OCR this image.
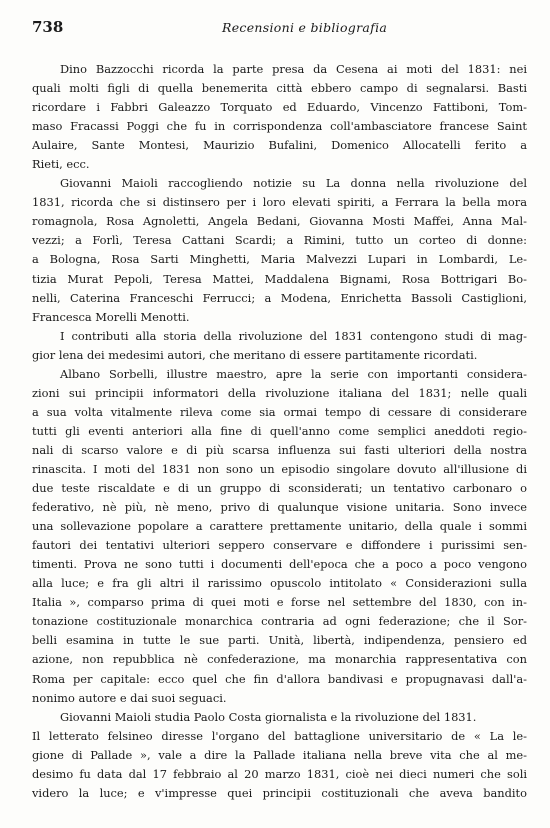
738	Recensioni e bibliografia
Dino Bazzocchi ricorda la parte presa da Cesena ai moti del 1831: nei
quali molti figli di quella benemerita città ebbero campo di segnalarsi. Basti
ricordare i Fabbri Galeazzo Torquato ed Eduardo, Vincenzo Fattiboni, Tom-
maso Fracassi Poggi che fu in corrispondenza coll'ambasciatore francese Saint
Aulaire, Sante Montesi, Maurizio Bufalini, Domenico Allocatelli ferito a
Rieti, ecc.
Giovanni Maioli raccogliendo notizie su La donna nella rivoluzione del
1831, ricorda che si distinsero per i loro elevati spiriti, a Ferrara la bella mora
romagnola, Rosa Agnoletti, Angela Bedani, Giovanna Mosti Maffei, Anna Mal-
vezzi; a Forlì, Teresa Cattani Scardi; a Rimini, tutto un corteo di donne:
a Bologna, Rosa Sarti Minghetti, Maria Malvezzi Lupari in Lombardi, Le-
tizia Murat Pepoli, Teresa Mattei, Maddalena Bignami, Rosa Bottrigari Bo-
nelli, Caterina Franceschi Ferrucci; a Modena, Enrichetta Bassoli Castiglioni,
Francesca Morelli Menotti.
I contributi alla storia della rivoluzione del 1831 contengono studi di mag-
gior lena dei medesimi autori, che meritano di essere partitamente ricordati.
Albano Sorbelli, illustre maestro, apre la serie con importanti considera-
zioni sui principii informatori della rivoluzione italiana del 1831; nelle quali
a sua volta vitalmente rileva come sia ormai tempo di cessare di considerare
tutti gli eventi anteriori alla fine di quell'anno come semplici aneddoti regio-
nali di scarso valore e di più scarsa influenza sui fasti ulteriori della nostra
rinascita. I moti del 1831 non sono un episodio singolare dovuto all'illusione di
due teste riscaldate e di un gruppo di sconsiderati; un tentativo carbonaro o
federativo, nè più, nè meno, privo di qualunque visione unitaria. Sono invece
una sollevazione popolare a carattere prettamente unitario, della quale i sommi
fautori dei tentativi ulteriori seppero conservare e diffondere i purissimi sen-
timenti. Prova ne sono tutti i documenti dell'epoca che a poco a poco vengono
alla luce; e fra gli altri il rarissimo opuscolo intitolato « Considerazioni sulla
Italia », comparso prima di quei moti e forse nel settembre del 1830, con in-
tonazione costituzionale monarchica contraria ad ogni federazione; che il Sor-
belli esamina in tutte le sue parti. Unità, libertà, indipendenza, pensiero ed
azione, non repubblica nè confederazione, ma monarchia rappresentativa con
Roma per capitale: ecco quel che fin d'allora bandivasi e propugnavasi dall'a-
nonimo autore e dai suoi seguaci.
Giovanni Maioli studia Paolo Costa giornalista e la rivoluzione del 1831.
Il letterato felsineo diresse l'organo del battaglione universitario de « La le-
gione di Pallade », vale a dire la Pallade italiana nella breve vita che al me-
desimo fu data dal 17 febbraio al 20 marzo 1831, cioè nei dieci numeri che soli
videro la luce; e v'impresse quei principii costituzionali che aveva bandito
